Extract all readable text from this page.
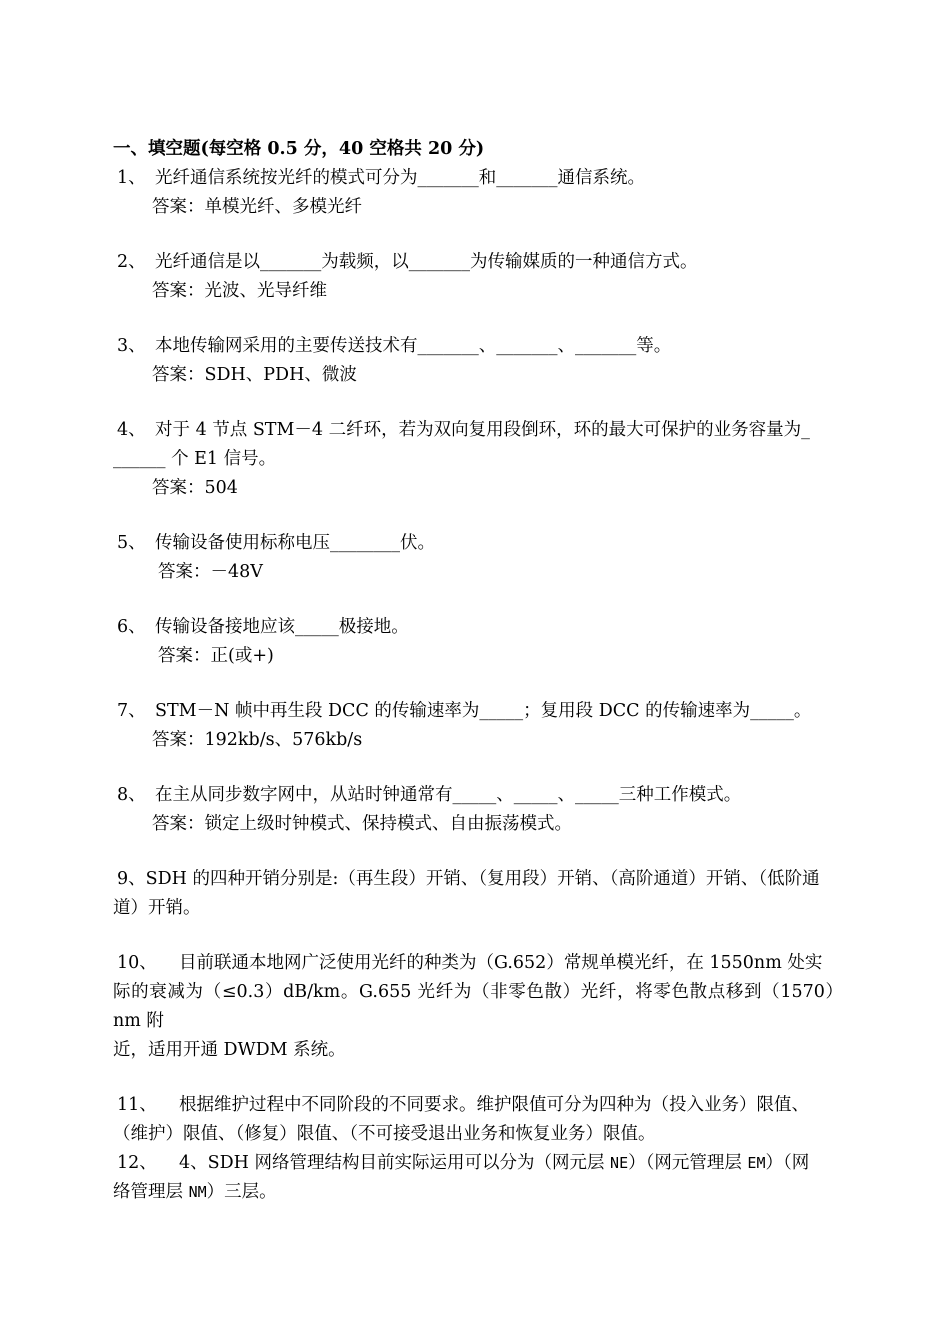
一、填空题(每空格 0.5 分，40 空格共 20 分)
1、 光纤通信系统按光纤的模式可分为_______和_______通信系统。
答案：单模光纤、多模光纤
2、 光纤通信是以_______为载频，以_______为传输媒质的一种通信方式。
答案：光波、光导纤维
3、 本地传输网采用的主要传送技术有_______、_______、_______等。
答案：SDH、PDH、微波
4、 对于 4 节点 STM－4 二纤环，若为双向复用段倒环，环的最大可保护的业务容量为_
______ 个 E1 信号。
答案：504
5、 传输设备使用标称电压________伏。
答案：－48V
6、 传输设备接地应该_____极接地。
答案：正(或+)
7、 STM－N 帧中再生段 DCC 的传输速率为_____；复用段 DCC 的传输速率为_____。
答案：192kb/s、576kb/s
8、 在主从同步数字网中，从站时钟通常有_____、_____、_____三种工作模式。
答案：锁定上级时钟模式、保持模式、自由振荡模式。
9、SDH 的四种开销分别是:（再生段）开销、（复用段）开销、（高阶通道）开销、（低阶通
道）开销。
10、 目前联通本地网广泛使用光纤的种类为（G.652）常规单模光纤，在 1550nm 处实
际的衰减为（≤0.3）dB/km。G.655 光纤为（非零色散）光纤，将零色散点移到（1570）nm 附
近，适用开通 DWDM 系统。
11、 根据维护过程中不同阶段的不同要求。维护限值可分为四种为（投入业务）限值、
（维护）限值、（修复）限值、（不可接受退出业务和恢复业务）限值。
12、 4、SDH 网络管理结构目前实际运用可以分为（网元层 NE）（网元管理层 EM）（网
络管理层 NM）三层。
